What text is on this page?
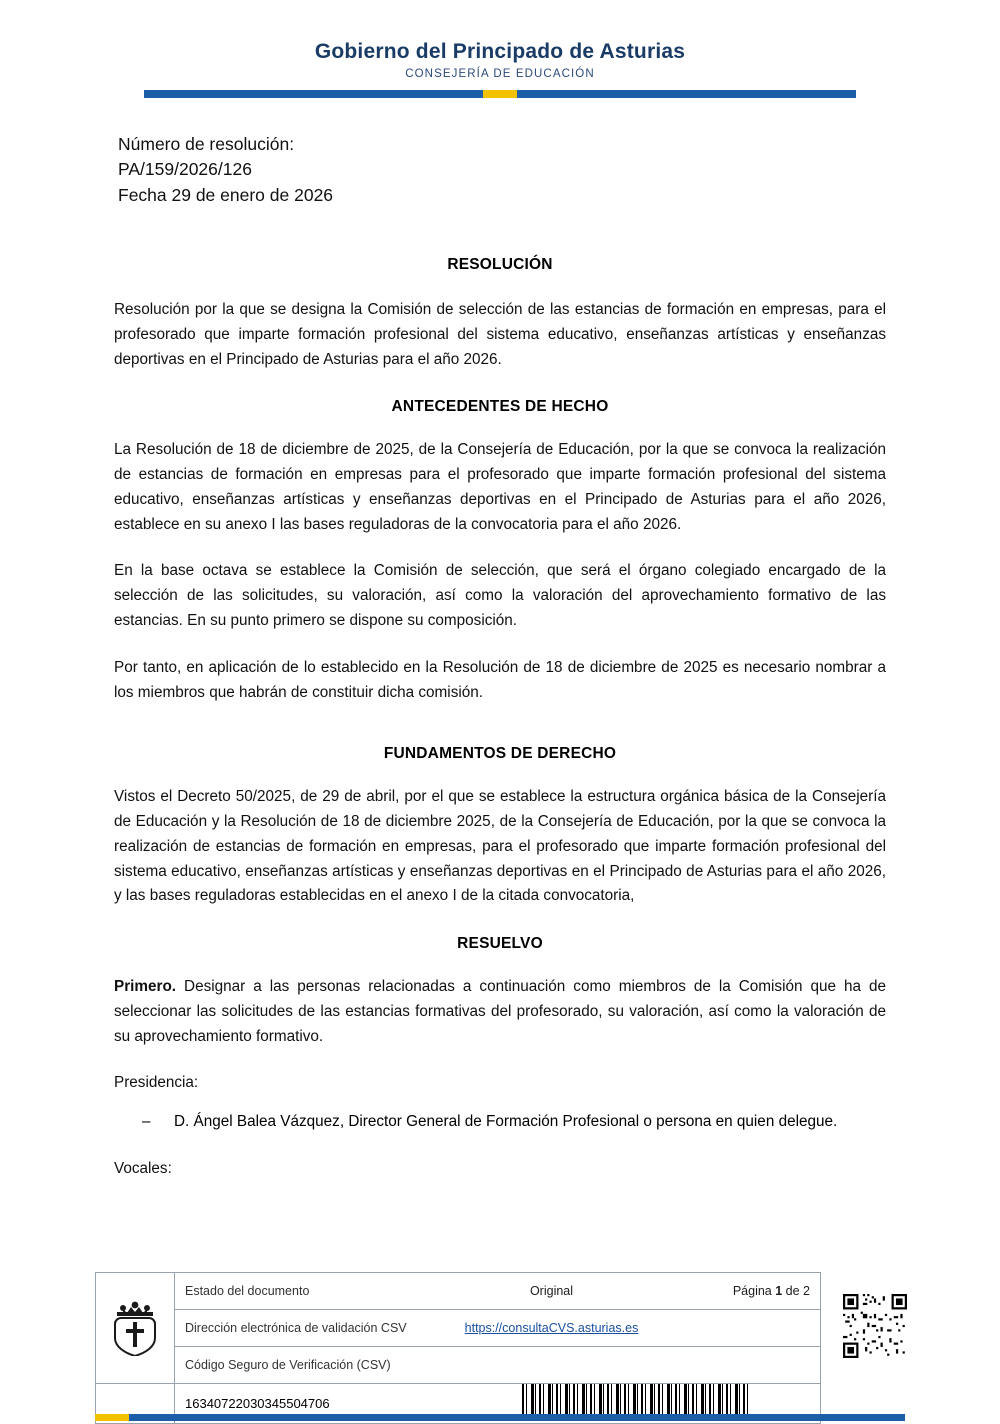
Gobierno del Principado de Asturias
CONSEJERÍA DE EDUCACIÓN
Número de resolución:
PA/159/2026/126
Fecha 29 de enero de 2026
RESOLUCIÓN

Resolución por la que se designa la Comisión de selección de las estancias de formación en empresas, para el profesorado que imparte formación profesional del sistema educativo, enseñanzas artísticas y enseñanzas deportivas en el Principado de Asturias para el año 2026.

ANTECEDENTES DE HECHO

La Resolución de 18 de diciembre de 2025, de la Consejería de Educación, por la que se convoca la realización de estancias de formación en empresas para el profesorado que imparte formación profesional del sistema educativo, enseñanzas artísticas y enseñanzas deportivas en el Principado de Asturias para el año 2026, establece en su anexo I las bases reguladoras de la convocatoria para el año 2026.

En la base octava se establece la Comisión de selección, que será el órgano colegiado encargado de la selección de las solicitudes, su valoración, así como la valoración del aprovechamiento formativo de las estancias. En su punto primero se dispone su composición.

Por tanto, en aplicación de lo establecido en la Resolución de 18 de diciembre de 2025 es necesario nombrar a los miembros que habrán de constituir dicha comisión.

FUNDAMENTOS DE DERECHO

Vistos el Decreto 50/2025, de 29 de abril, por el que se establece la estructura orgánica básica de la Consejería de Educación y la Resolución de 18 de diciembre 2025, de la Consejería de Educación, por la que se convoca la realización de estancias de formación en empresas, para el profesorado que imparte formación profesional del sistema educativo, enseñanzas artísticas y enseñanzas deportivas en el Principado de Asturias para el año 2026, y las bases reguladoras establecidas en el anexo I de la citada convocatoria,

RESUELVO

Primero. Designar a las personas relacionadas a continuación como miembros de la Comisión que ha de seleccionar las solicitudes de las estancias formativas del profesorado, su valoración, así como la valoración de su aprovechamiento formativo.

Presidencia:

– D. Ángel Balea Vázquez, Director General de Formación Profesional o persona en quien delegue.

Vocales:

Estado del documento	Original	Página 1 de 2
Dirección electrónica de validación CSV	https://consultaCVS.asturias.es
Código Seguro de Verificación (CSV)
16340722030345504706
